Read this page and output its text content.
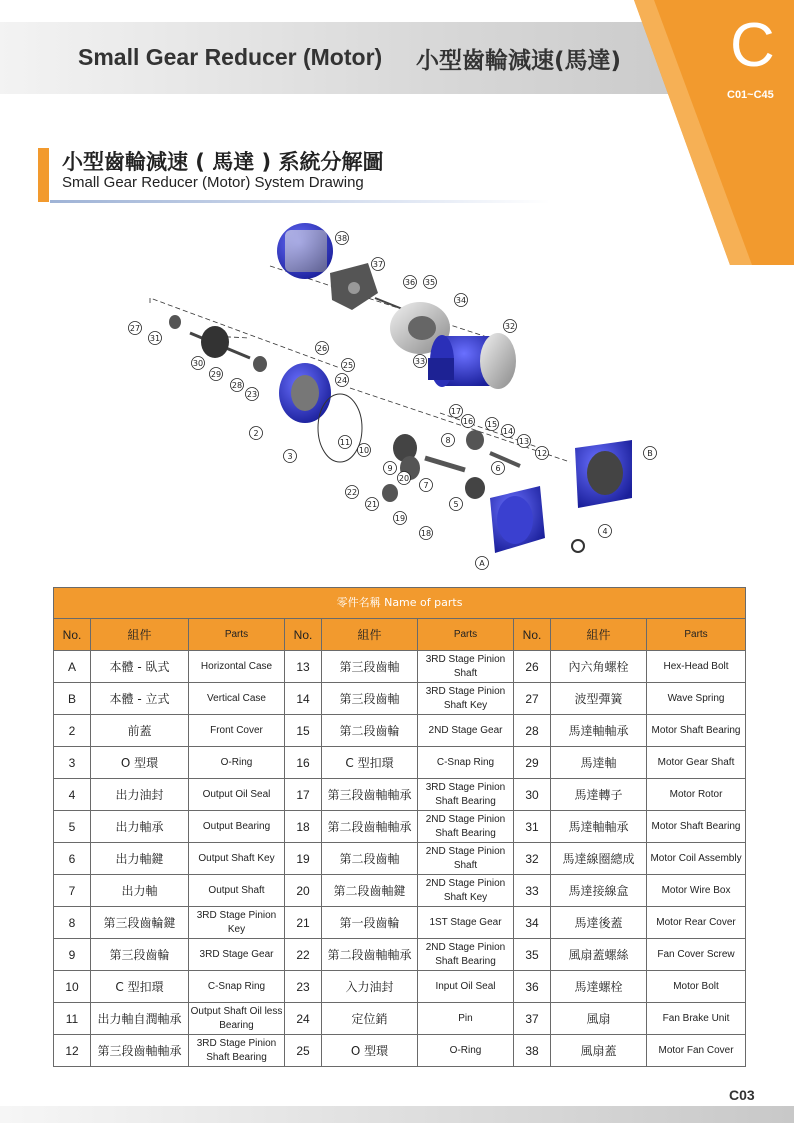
Small Gear Reducer (Motor) 小型齒輪減速(馬達) C
C01~C45
小型齒輪減速 ( 馬達 ) 系統分解圖
Small Gear Reducer (Motor) System Drawing
38
37
36 35
34
32
33
27
31
26
25
24
30
29
28
23
2
3
11
10
17
16 15
14
13
12
8
9
20
6
7
22
21	5
19
18	4
A
B
零件名稱 Name of parts								
No.	組件	Parts	No.	組件	Parts	No.	組件	Parts
A	本體 - 臥式	Horizontal Case	13	第三段齒軸	3RD Stage Pinion Shaft	26	內六角螺栓	Hex-Head Bolt
B	本體 - 立式	Vertical Case	14	第三段齒軸	3RD Stage Pinion Shaft Key	27	波型彈簧	Wave Spring
2	前蓋	Front Cover	15	第二段齒輪	2ND Stage Gear	28	馬達軸軸承	Motor Shaft Bearing
3	O 型環	O-Ring	16	C 型扣環	C-Snap Ring	29	馬達軸	Motor Gear Shaft
4	出力油封	Output Oil Seal	17	第三段齒軸軸承	3RD Stage Pinion Shaft Bearing	30	馬達轉子	Motor Rotor
5	出力軸承	Output Bearing	18	第二段齒軸軸承	2ND Stage Pinion Shaft Bearing	31	馬達軸軸承	Motor Shaft Bearing
6	出力軸鍵	Output Shaft Key	19	第二段齒軸	2ND Stage Pinion Shaft	32	馬達線圈總成	Motor Coil Assembly
7	出力軸	Output Shaft	20	第二段齒軸鍵	2ND Stage Pinion Shaft Key	33	馬達接線盒	Motor Wire Box
8	第三段齒輪鍵	3RD Stage Pinion Key	21	第一段齒輪	1ST Stage Gear	34	馬達後蓋	Motor Rear Cover
9	第三段齒輪	3RD Stage Gear	22	第二段齒軸軸承	2ND Stage Pinion Shaft Bearing	35	風扇蓋螺絲	Fan Cover Screw
10	C 型扣環	C-Snap Ring	23	入力油封	Input Oil Seal	36	馬達螺栓	Motor Bolt
11	出力軸自潤軸承	Output Shaft Oil less Bearing	24	定位銷	Pin	37	風扇	Fan Brake Unit
12	第三段齒軸軸承	3RD Stage Pinion Shaft Bearing	25	O 型環	O-Ring	38	風扇蓋	Motor Fan Cover
C03
